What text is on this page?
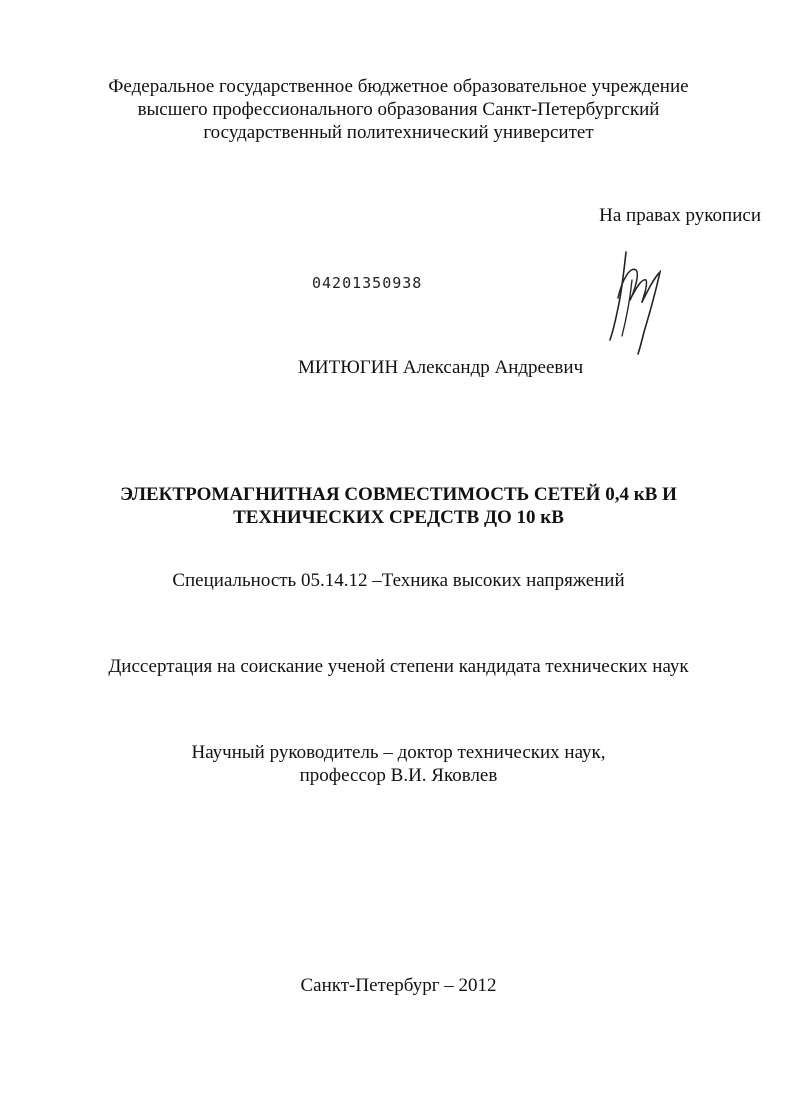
Федеральное государственное бюджетное образовательное учреждение
высшего профессионального образования Санкт-Петербургский
государственный политехнический университет
На правах рукописи
04201350938
МИТЮГИН Александр Андреевич
ЭЛЕКТРОМАГНИТНАЯ СОВМЕСТИМОСТЬ СЕТЕЙ 0,4 кВ И
ТЕХНИЧЕСКИХ СРЕДСТВ ДО 10 кВ
Специальность 05.14.12 –Техника высоких напряжений
Диссертация на соискание ученой степени кандидата технических наук
Научный руководитель – доктор технических наук,
профессор В.И. Яковлев
Санкт-Петербург – 2012
